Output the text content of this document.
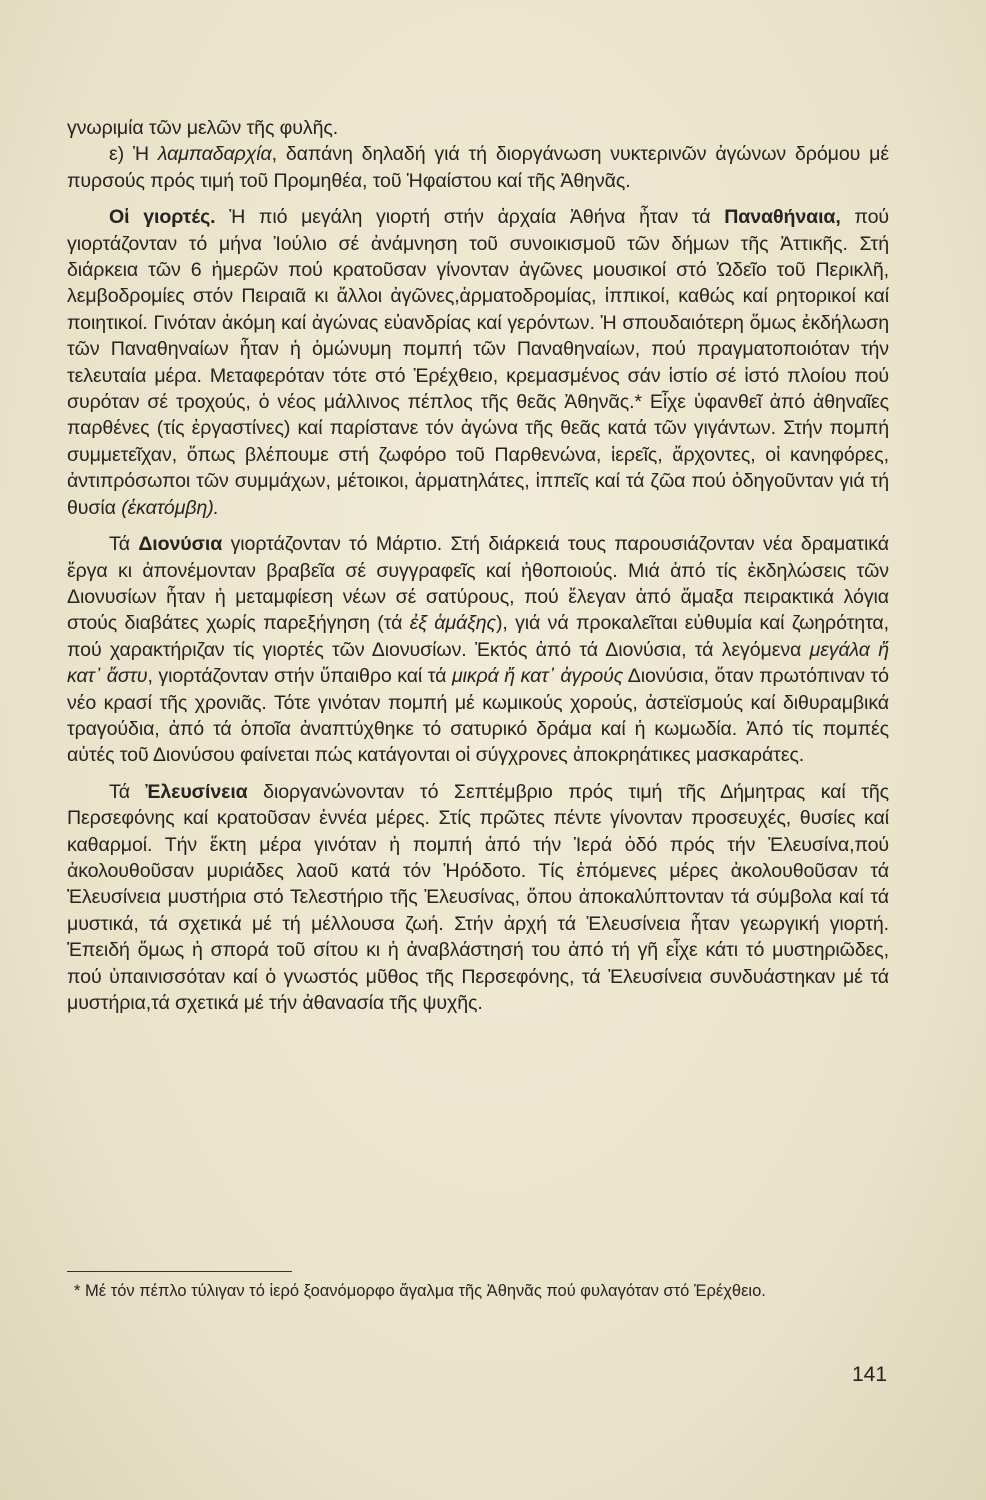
γνωριμία τῶν μελῶν τῆς φυλῆς.

ε) Ἡ λαμπαδαρχία, δαπάνη δηλαδή γιά τή διοργάνωση νυκτερινῶν ἀγώνων δρόμου μέ πυρσούς πρός τιμή τοῦ Προμηθέα, τοῦ Ἡφαίστου καί τῆς Ἀθηνᾶς.

Οἱ γιορτές. Ἡ πιό μεγάλη γιορτή στήν ἀρχαία Ἀθήνα ἦταν τά Παναθήναια, πού γιορτάζονταν τό μήνα Ἰούλιο σέ ἀνάμνηση τοῦ συνοικισμοῦ τῶν δήμων τῆς Ἀττικῆς. Στή διάρκεια τῶν 6 ἡμερῶν πού κρατοῦσαν γίνονταν ἀγῶνες μουσικοί στό Ὠδεῖο τοῦ Περικλῆ, λεμβοδρομίες στόν Πειραιᾶ κι ἄλλοι ἀγῶνες,ἁρματοδρομίας, ἱππικοί, καθώς καί ρητορικοί καί ποιητικοί. Γινόταν ἀκόμη καί ἀγώνας εὐανδρίας καί γερόντων. Ἡ σπουδαιότερη ὅμως ἐκδήλωση τῶν Παναθηναίων ἦταν ἡ ὁμώνυμη πομπή τῶν Παναθηναίων, πού πραγματοποιόταν τήν τελευταία μέρα. Μεταφερόταν τότε στό Ἐρέχθειο, κρεμασμένος σάν ἱστίο σέ ἱστό πλοίου πού συρόταν σέ τροχούς, ὁ νέος μάλλινος πέπλος τῆς θεᾶς Ἀθηνᾶς.* Εἶχε ὑφανθεῖ ἀπό ἀθηναῖες παρθένες (τίς ἐργαστίνες) καί παρίστανε τόν ἀγώνα τῆς θεᾶς κατά τῶν γιγάντων. Στήν πομπή συμμετεῖχαν, ὅπως βλέπουμε στή ζωφόρο τοῦ Παρθενώνα, ἱερεῖς, ἄρχοντες, οἱ κανηφόρες, ἀντιπρόσωποι τῶν συμμάχων, μέτοικοι, ἁρματηλάτες, ἱππεῖς καί τά ζῶα πού ὁδηγοῦνταν γιά τή θυσία (ἑκατόμβη).

Τά Διονύσια γιορτάζονταν τό Μάρτιο. Στή διάρκειά τους παρουσιάζονταν νέα δραματικά ἔργα κι ἀπονέμονταν βραβεῖα σέ συγγραφεῖς καί ἠθοποιούς. Μιά ἀπό τίς ἐκδηλώσεις τῶν Διονυσίων ἦταν ἡ μεταμφίεση νέων σέ σατύρους, πού ἔλεγαν ἀπό ἅμαξα πειρακτικά λόγια στούς διαβάτες χωρίς παρεξήγηση (τά ἐξ ἁμάξης), γιά νά προκαλεῖται εὐθυμία καί ζωηρότητα, πού χαρακτήριζαν τίς γιορτές τῶν Διονυσίων. Ἐκτός ἀπό τά Διονύσια, τά λεγόμενα μεγάλα ἤ κατ᾽ ἄστυ, γιορτάζονταν στήν ὕπαιθρο καί τά μικρά ἤ κατ᾽ ἀγρούς Διονύσια, ὅταν πρωτόπιναν τό νέο κρασί τῆς χρονιᾶς. Τότε γινόταν πομπή μέ κωμικούς χορούς, ἀστεϊσμούς καί διθυραμβικά τραγούδια, ἀπό τά ὁποῖα ἀναπτύχθηκε τό σατυρικό δράμα καί ἡ κωμωδία. Ἀπό τίς πομπές αὐτές τοῦ Διονύσου φαίνεται πώς κατάγονται οἱ σύγχρονες ἀποκρηάτικες μασκαράτες.

Τά Ἐλευσίνεια διοργανώνονταν τό Σεπτέμβριο πρός τιμή τῆς Δήμητρας καί τῆς Περσεφόνης καί κρατοῦσαν ἐννέα μέρες. Στίς πρῶτες πέντε γίνονταν προσευχές, θυσίες καί καθαρμοί. Τήν ἕκτη μέρα γινόταν ἡ πομπή ἀπό τήν Ἱερά ὁδό πρός τήν Ἐλευσίνα,πού ἀκολουθοῦσαν μυριάδες λαοῦ κατά τόν Ἡρόδοτο. Τίς ἑπόμενες μέρες ἀκολουθοῦσαν τά Ἐλευσίνεια μυστήρια στό Τελεστήριο τῆς Ἐλευσίνας, ὅπου ἀποκαλύπτονταν τά σύμβολα καί τά μυστικά, τά σχετικά μέ τή μέλλουσα ζωή. Στήν ἀρχή τά Ἐλευσίνεια ἦταν γεωργική γιορτή. Ἐπειδή ὅμως ἡ σπορά τοῦ σίτου κι ἡ ἀναβλάστησή του ἀπό τή γῆ εἶχε κάτι τό μυστηριῶδες, πού ὑπαινισσόταν καί ὁ γνωστός μῦθος τῆς Περσεφόνης, τά Ἐλευσίνεια συνδυάστηκαν μέ τά μυστήρια,τά σχετικά μέ τήν ἀθανασία τῆς ψυχῆς.

* Μέ τόν πέπλο τύλιγαν τό ἱερό ξοανόμορφο ἄγαλμα τῆς Ἀθηνᾶς πού φυλαγόταν στό Ἐρέχθειο.
141
